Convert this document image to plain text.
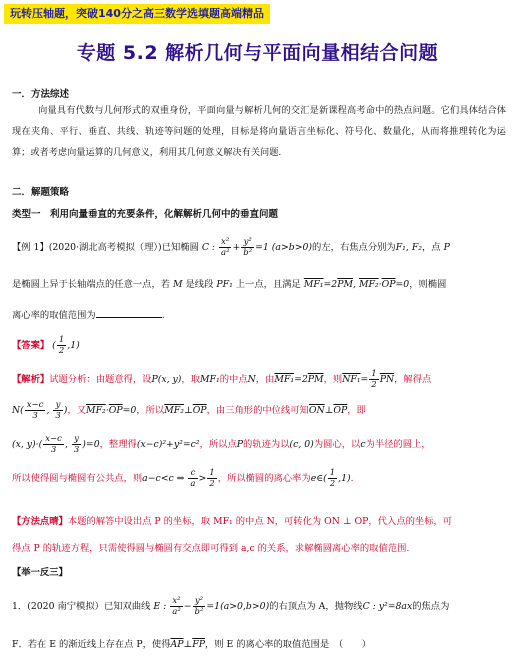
玩转压轴题，突破140分之高三数学选填题高端精品
专题 5.2 解析几何与平面向量相结合问题
一．方法综述
向量具有代数与几何形式的双重身份，平面向量与解析几何的交汇是新课程高考命中的热点问题。它们具体结合体现在夹角、平行、垂直、共线、轨迹等问题的处理，目标是将向量语言坐标化、符号化、数量化，从而将推理转化为运算；或者考虑向量运算的几何意义，利用其几何意义解决有关问题.
二．解题策略
类型一　利用向量垂直的充要条件，化解解析几何中的垂直问题
【例 1】(2020·湖北高考模拟（理）)已知椭圆 C : $\frac{\text{x²}}{\text{a²}} + \frac{\text{y²}}{\text{b²}} =1$ (a>b>0)的左，右焦点分别为F₁, F₂，点 P
是椭圆上异于长轴端点的任意一点，若 M 是线段 PF₁ 上一点，且满足 $MF_1=2\overline{PM}$, $MF_2\cdot\overline{OP}=0$，则椭圆
离心率的取值范围为	.
【答案】 ( $\frac{1}{2} ,1$)
【解析】试题分析：由题意得，设P(x, y)，取MF₁的中点N，由$MF_1=2\overline{PM}$，则$NF_1= \frac{1}{2} \overline{PN}$，解得点
$N( \frac{x-c}{3}$ , $\frac{y}{3}$ )，又$MF_2\cdot\overline{OP}=0$，所以$MF_2\perp\overline{OP}$，由三角形的中位线可知$\overline{ON}\perp\overline{OP}$，即
(x, $y)\cdot( \frac{x-c}{3}$ , $\frac{y}{3} )=0$，整理得(x−c)²+y²=c²，所以点P的轨迹为以(c, 0)为圆心，以c为半径的圆上，
所以使得圆与椭圆有公共点，则a−c<c ⇒ $\frac{c}{a} > \frac{1}{2}$ ，所以椭圆的离心率为e∈( $\frac{1}{2} ,1$).
【方法点晴】本题的解答中设出点 P 的坐标，取 MF₁ 的中点 N，可转化为 ON ⊥ OP，代入点的坐标，可
得点 P 的轨迹方程，只需使得圆与椭圆有交点即可得到 a,c 的关系，求解椭圆离心率的取值范围.
【举一反三】
1．(2020 南宁模拟）已知双曲线 E : $\frac{\text{x²}}{\text{a²}} - \frac{\text{y²}}{\text{b²}} =1(a>0,b>0)$的右顶点为 A，抛物线C : y²=8ax的焦点为
F．若在 E 的渐近线上存在点 P，使得$\overline{AP}\perp\overline{FP}$，则 E 的离心率的取值范围是　（　　）
